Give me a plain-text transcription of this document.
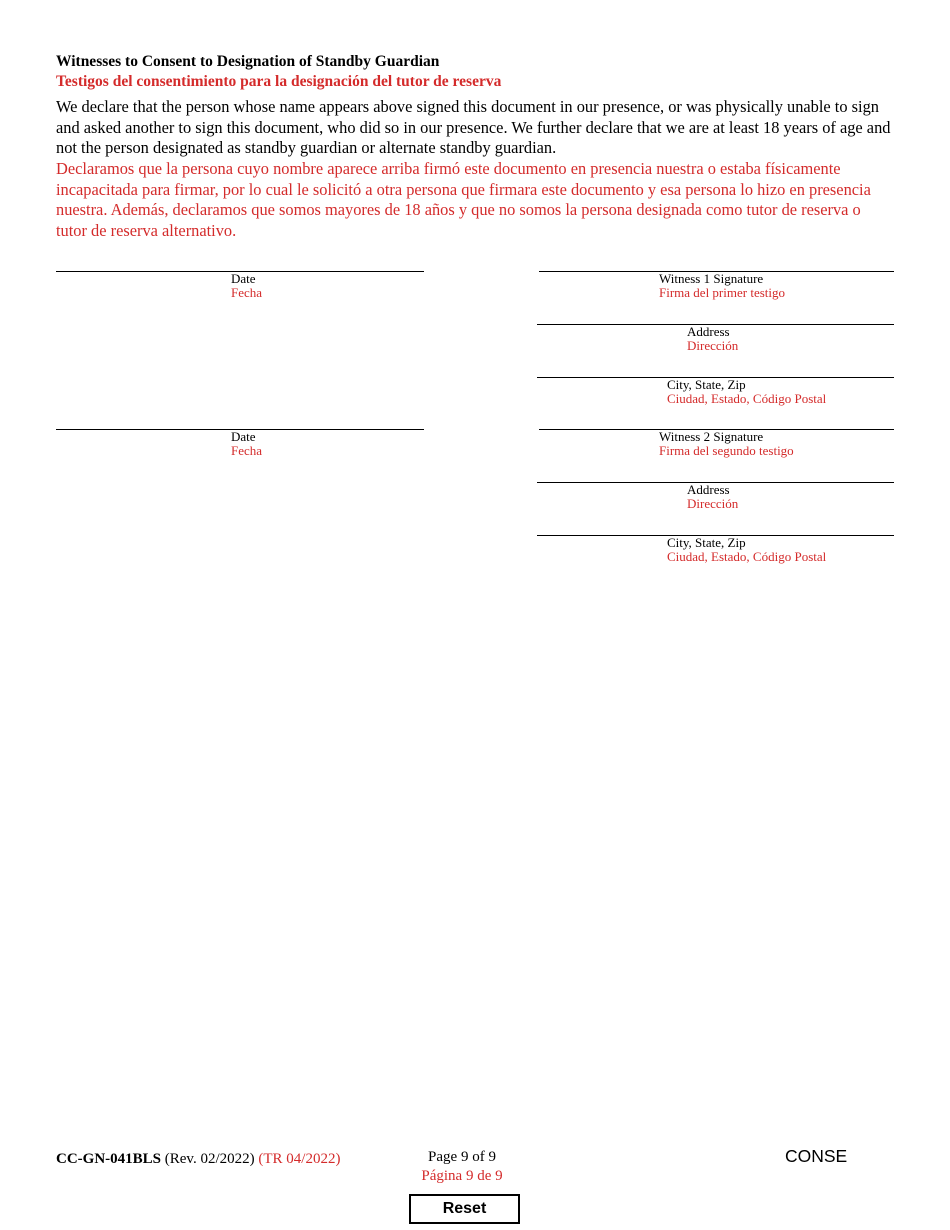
Witnesses to Consent to Designation of Standby Guardian
Testigos del consentimiento para la designación del tutor de reserva

We declare that the person whose name appears above signed this document in our presence, or was physically unable to sign and asked another to sign this document, who did so in our presence. We further declare that we are at least 18 years of age and not the person designated as standby guardian or alternate standby guardian.

Declaramos que la persona cuyo nombre aparece arriba firmó este documento en presencia nuestra o estaba físicamente incapacitada para firmar, por lo cual le solicitó a otra persona que firmara este documento y esa persona lo hizo en presencia nuestra. Además, declaramos que somos mayores de 18 años y que no somos la persona designada como tutor de reserva o tutor de reserva alternativo.

Date

Fecha

Witness 1 Signature

Firma del primer testigo

Address

Dirección

City, State, Zip

Ciudad, Estado, Código Postal

Date

Fecha

Witness 2 Signature

Firma del segundo testigo

Address

Dirección

City, State, Zip

Ciudad, Estado, Código Postal

CC-GN-041BLS (Rev. 02/2022) (TR 04/2022)	Page 9 of 9
Página 9 de 9

CONSE

Reset
